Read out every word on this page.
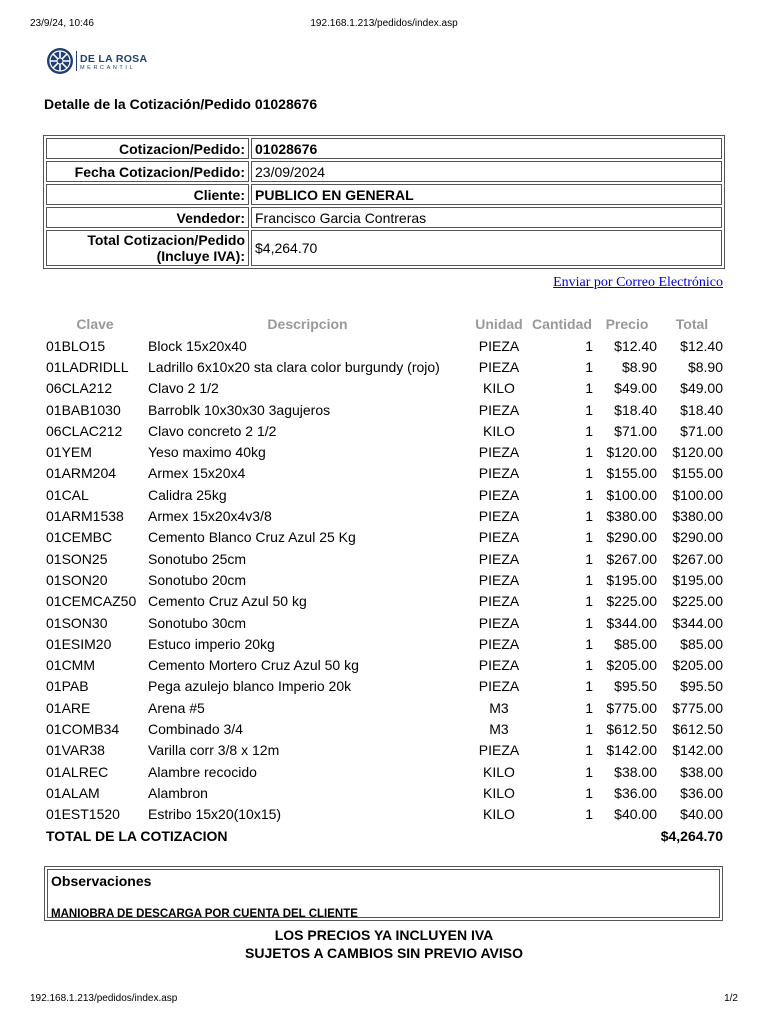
23/9/24, 10:46	192.168.1.213/pedidos/index.asp
DE LA ROSA
MERCANTIL
Detalle de la Cotización/Pedido 01028676
Cotizacion/Pedido:	01028676
Fecha Cotizacion/Pedido:	23/09/2024
Cliente:	PUBLICO EN GENERAL
Vendedor:	Francisco Garcia Contreras
Total Cotizacion/Pedido
(Incluye IVA):	$4,264.70
Enviar por Correo Electrónico
Clave	Descripcion	Unidad	Cantidad	Precio	Total
01BLO15	Block 15x20x40	PIEZA	1	$12.40	$12.40
01LADRIDLL	Ladrillo 6x10x20 sta clara color burgundy (rojo)	PIEZA	1	$8.90	$8.90
06CLA212	Clavo 2 1/2	KILO	1	$49.00	$49.00
01BAB1030	Barroblk 10x30x30 3agujeros	PIEZA	1	$18.40	$18.40
06CLAC212	Clavo concreto 2 1/2	KILO	1	$71.00	$71.00
01YEM	Yeso maximo 40kg	PIEZA	1	$120.00	$120.00
01ARM204	Armex 15x20x4	PIEZA	1	$155.00	$155.00
01CAL	Calidra 25kg	PIEZA	1	$100.00	$100.00
01ARM1538	Armex 15x20x4v3/8	PIEZA	1	$380.00	$380.00
01CEMBC	Cemento Blanco Cruz Azul 25 Kg	PIEZA	1	$290.00	$290.00
01SON25	Sonotubo 25cm	PIEZA	1	$267.00	$267.00
01SON20	Sonotubo 20cm	PIEZA	1	$195.00	$195.00
01CEMCAZ50	Cemento Cruz Azul 50 kg	PIEZA	1	$225.00	$225.00
01SON30	Sonotubo 30cm	PIEZA	1	$344.00	$344.00
01ESIM20	Estuco imperio 20kg	PIEZA	1	$85.00	$85.00
01CMM	Cemento Mortero Cruz Azul 50 kg	PIEZA	1	$205.00	$205.00
01PAB	Pega azulejo blanco Imperio 20k	PIEZA	1	$95.50	$95.50
01ARE	Arena #5	M3	1	$775.00	$775.00
01COMB34	Combinado 3/4	M3	1	$612.50	$612.50
01VAR38	Varilla corr 3/8 x 12m	PIEZA	1	$142.00	$142.00
01ALREC	Alambre recocido	KILO	1	$38.00	$38.00
01ALAM	Alambron	KILO	1	$36.00	$36.00
01EST1520	Estribo 15x20(10x15)	KILO	1	$40.00	$40.00
TOTAL DE LA COTIZACION				$4,264.70	
Observaciones
MANIOBRA DE DESCARGA POR CUENTA DEL CLIENTE
LOS PRECIOS YA INCLUYEN IVA
SUJETOS A CAMBIOS SIN PREVIO AVISO
192.168.1.213/pedidos/index.asp	1/2
